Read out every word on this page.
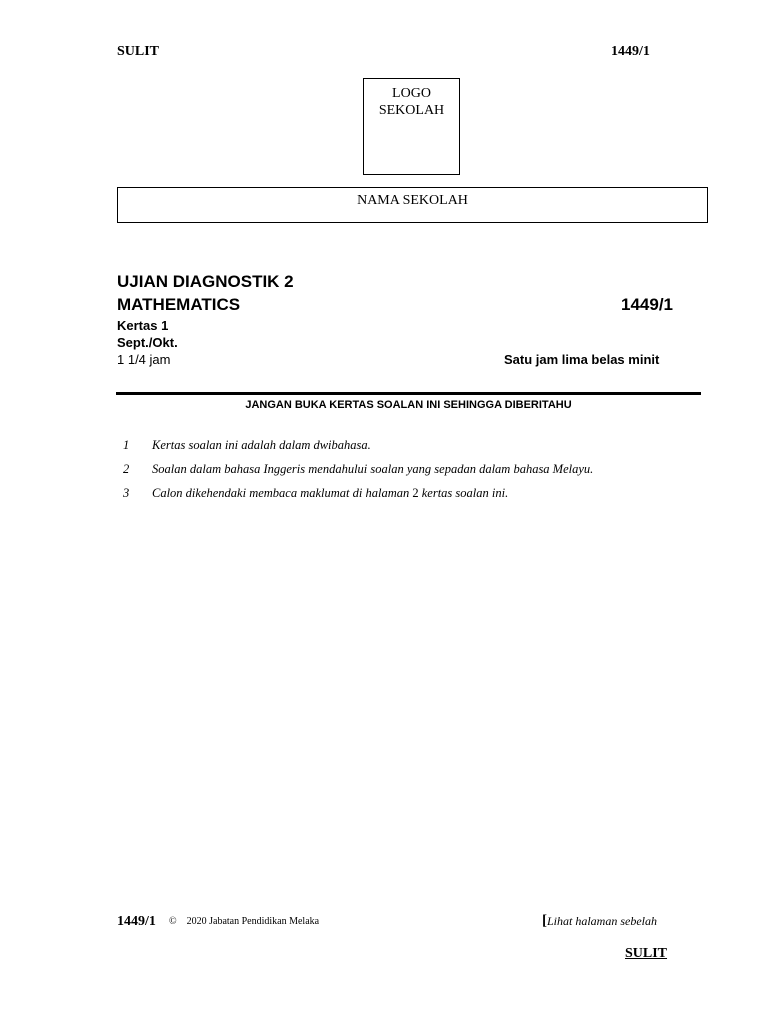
SULIT	1449/1
LOGO
SEKOLAH
NAMA SEKOLAH
UJIAN DIAGNOSTIK 2
MATHEMATICS	1449/1
Kertas 1
Sept./Okt.
1 1/4 jam	Satu jam lima belas minit
JANGAN BUKA KERTAS SOALAN INI SEHINGGA DIBERITAHU
1 Kertas soalan ini adalah dalam dwibahasa.
2 Soalan dalam bahasa Inggeris mendahului soalan yang sepadan dalam bahasa Melayu.
3 Calon dikehendaki membaca maklumat di halaman 2 kertas soalan ini.
1449/1 © 2020 Jabatan Pendidikan Melaka	[Lihat halaman sebelah
SULIT
